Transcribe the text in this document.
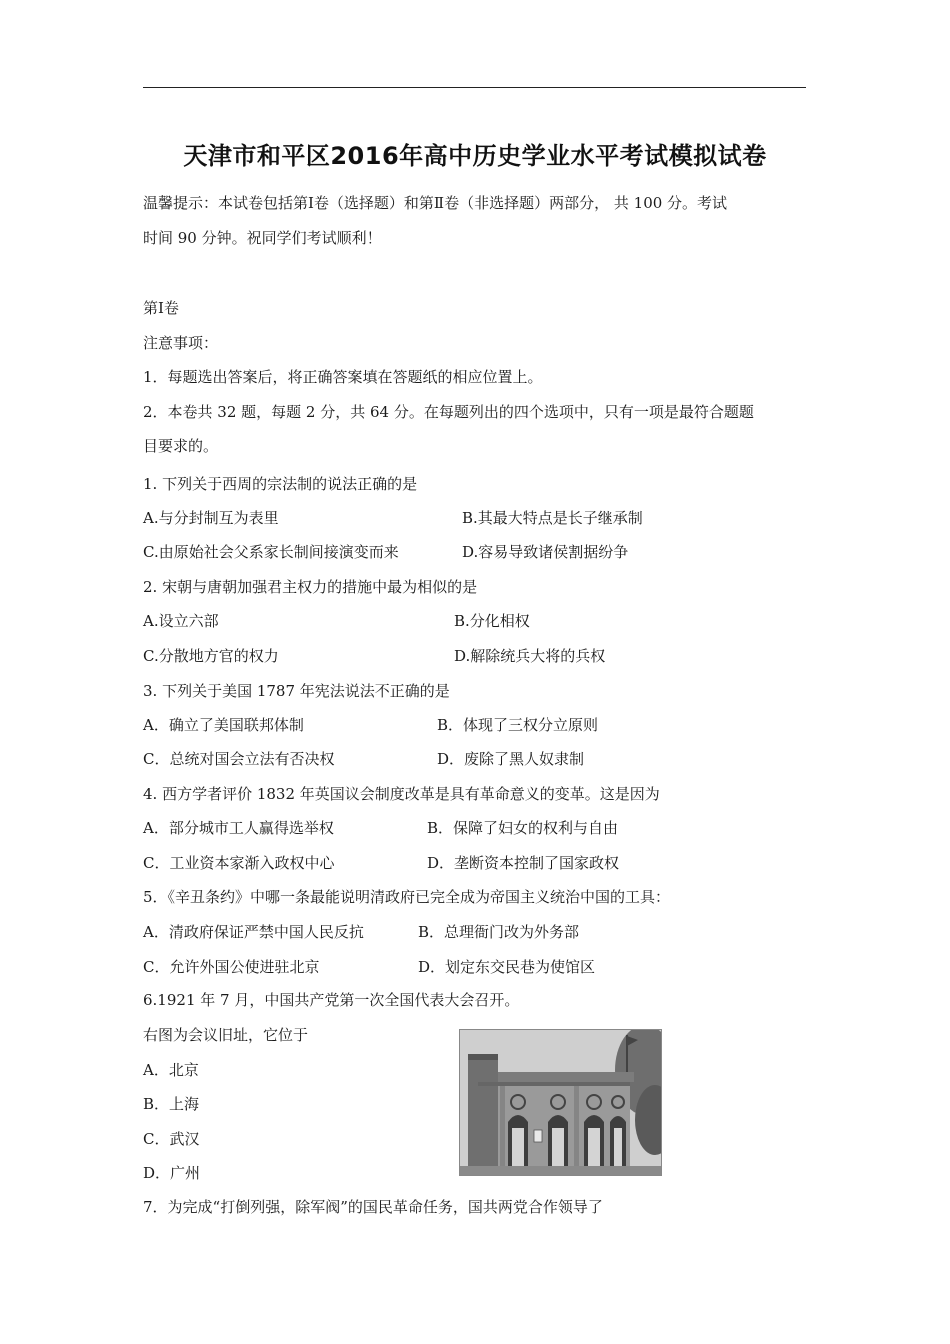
天津市和平区2016年高中历史学业水平考试模拟试卷
温馨提示：本试卷包括第Ⅰ卷（选择题）和第Ⅱ卷（非选择题）两部分， 共 100 分。考试
时间 90 分钟。祝同学们考试顺利！
第Ⅰ卷
注意事项：
1．每题选出答案后，将正确答案填在答题纸的相应位置上。
2．本卷共 32 题，每题 2 分，共 64 分。在每题列出的四个选项中，只有一项是最符合题题
目要求的。
1. 下列关于西周的宗法制的说法正确的是
A.与分封制互为表里	B.其最大特点是长子继承制
C.由原始社会父系家长制间接演变而来	D.容易导致诸侯割据纷争
2. 宋朝与唐朝加强君主权力的措施中最为相似的是
A.设立六部	B.分化相权
C.分散地方官的权力	D.解除统兵大将的兵权
3. 下列关于美国 1787 年宪法说法不正确的是
A．确立了美国联邦体制	B．体现了三权分立原则
C．总统对国会立法有否决权	D．废除了黑人奴隶制
4. 西方学者评价 1832 年英国议会制度改革是具有革命意义的变革。这是因为
A．部分城市工人赢得选举权	B．保障了妇女的权利与自由
C．工业资本家渐入政权中心	D．垄断资本控制了国家政权
5．《辛丑条约》中哪一条最能说明清政府已完全成为帝国主义统治中国的工具：
A．清政府保证严禁中国人民反抗	B．总理衙门改为外务部
C．允许外国公使进驻北京	D．划定东交民巷为使馆区
6.1921 年 7 月，中国共产党第一次全国代表大会召开。
右图为会议旧址，它位于
A．北京
B．上海
C．武汉
D．广州
7．为完成“打倒列强，除军阀”的国民革命任务，国共两党合作领导了
